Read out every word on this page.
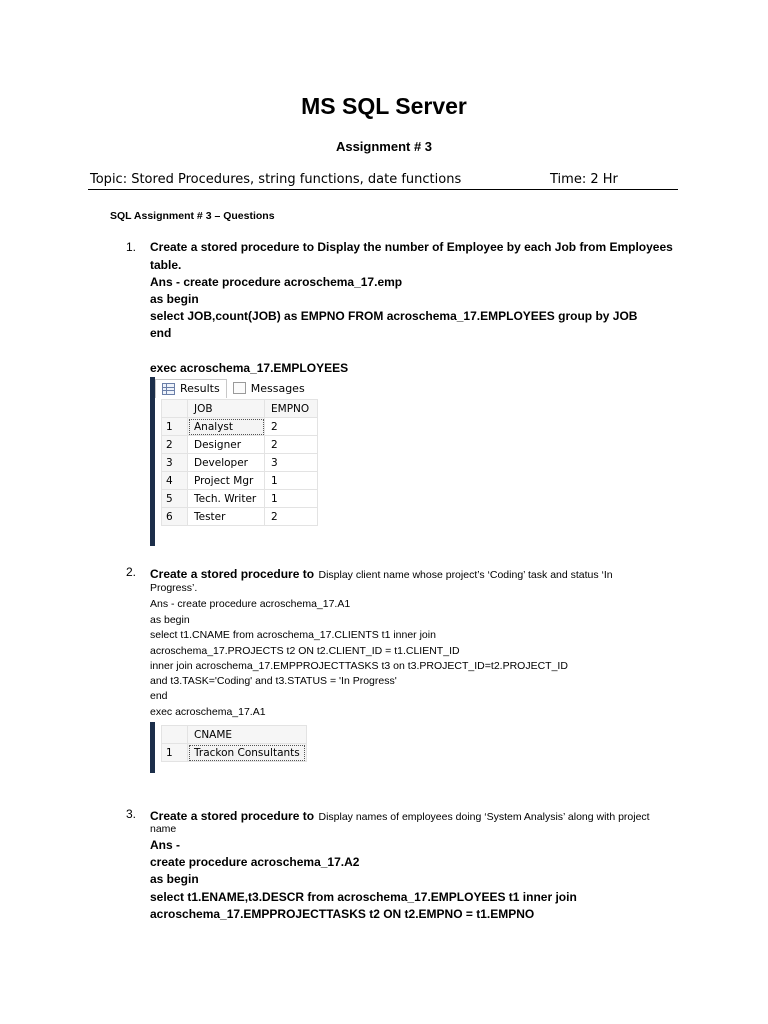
MS SQL Server
Assignment # 3
Topic: Stored Procedures, string functions, date functions	Time: 2 Hr
SQL Assignment # 3 – Questions
1. Create a stored procedure to Display the number of Employee by each Job from Employees
table.
Ans - create procedure acroschema_17.emp
as begin
select JOB,count(JOB) as EMPNO FROM acroschema_17.EMPLOYEES group by JOB
end
exec acroschema_17.EMPLOYEES
Results	Messages
	JOB	EMPNO
1	Analyst	2
2	Designer	2
3	Developer	3
4	Project Mgr	1
5	Tech. Writer	1
6	Tester	2
2. Create a stored procedure to Display client name whose project’s ‘Coding’ task and status ‘In
Progress’.
Ans - create procedure acroschema_17.A1
as begin
select t1.CNAME from acroschema_17.CLIENTS t1 inner join
acroschema_17.PROJECTS t2 ON t2.CLIENT_ID = t1.CLIENT_ID
inner join acroschema_17.EMPPROJECTTASKS t3 on t3.PROJECT_ID=t2.PROJECT_ID
and t3.TASK='Coding' and t3.STATUS = 'In Progress'
end
exec acroschema_17.A1
	CNAME
1	Trackon Consultants
3. Create a stored procedure to Display names of employees doing ‘System Analysis’ along with project
name
Ans -
create procedure acroschema_17.A2
as begin
select t1.ENAME,t3.DESCR from acroschema_17.EMPLOYEES t1 inner join
acroschema_17.EMPPROJECTTASKS t2 ON t2.EMPNO = t1.EMPNO
